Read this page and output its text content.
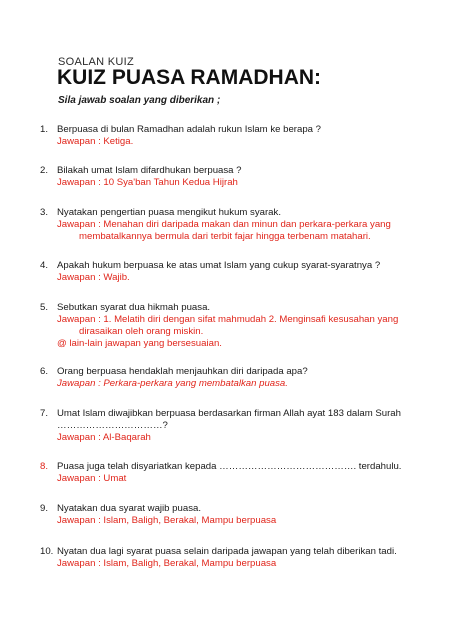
SOALAN KUIZ
KUIZ PUASA RAMADHAN:
Sila jawab soalan yang diberikan ;
1. Berpuasa di bulan Ramadhan adalah rukun Islam ke berapa ?
Jawapan : Ketiga.
2. Bilakah umat Islam difardhukan berpuasa ?
Jawapan : 10 Sya'ban Tahun Kedua Hijrah
3. Nyatakan pengertian puasa mengikut hukum syarak.
Jawapan : Menahan diri daripada makan dan minun dan perkara-perkara yang
membatalkannya bermula dari terbit fajar hingga terbenam matahari.
4. Apakah hukum berpuasa ke atas umat Islam yang cukup syarat-syaratnya ?
Jawapan : Wajib.
5. Sebutkan syarat dua hikmah puasa.
Jawapan : 1. Melatih diri dengan sifat mahmudah 2. Menginsafi kesusahan yang
dirasaikan oleh orang miskin.
@ lain-lain jawapan yang bersesuaian.
6. Orang berpuasa hendaklah menjauhkan diri daripada apa?
Jawapan : Perkara-perkara yang membatalkan puasa.
7. Umat Islam diwajibkan berpuasa berdasarkan firman Allah ayat 183 dalam Surah
……………………………?
Jawapan : Al-Baqarah
8. Puasa juga telah disyariatkan kepada ……………………………………. terdahulu.
Jawapan : Umat
9. Nyatakan dua syarat wajib puasa.
Jawapan : Islam, Baligh, Berakal, Mampu berpuasa
10. Nyatan dua lagi syarat puasa selain daripada jawapan yang telah diberikan tadi.
Jawapan : Islam, Baligh, Berakal, Mampu berpuasa
